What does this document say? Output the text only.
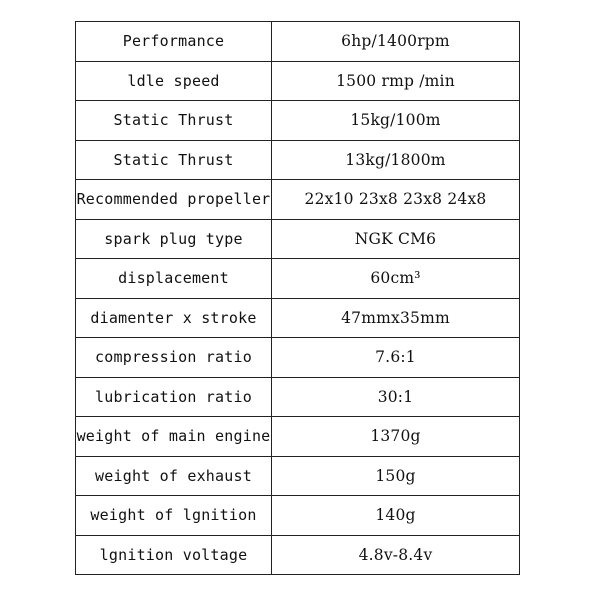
Performance	6hp/1400rpm
ldle speed	1500 rmp /min
Static Thrust	15kg/100m
Static Thrust	13kg/1800m
Recommended propeller	22x10 23x8 23x8 24x8
spark plug type	NGK CM6
displacement	60cm³
diamenter x stroke	47mmx35mm
compression ratio	7.6:1
lubrication ratio	30:1
weight of main engine	1370g
weight of exhaust	150g
weight of lgnition	140g
lgnition voltage	4.8v-8.4v
